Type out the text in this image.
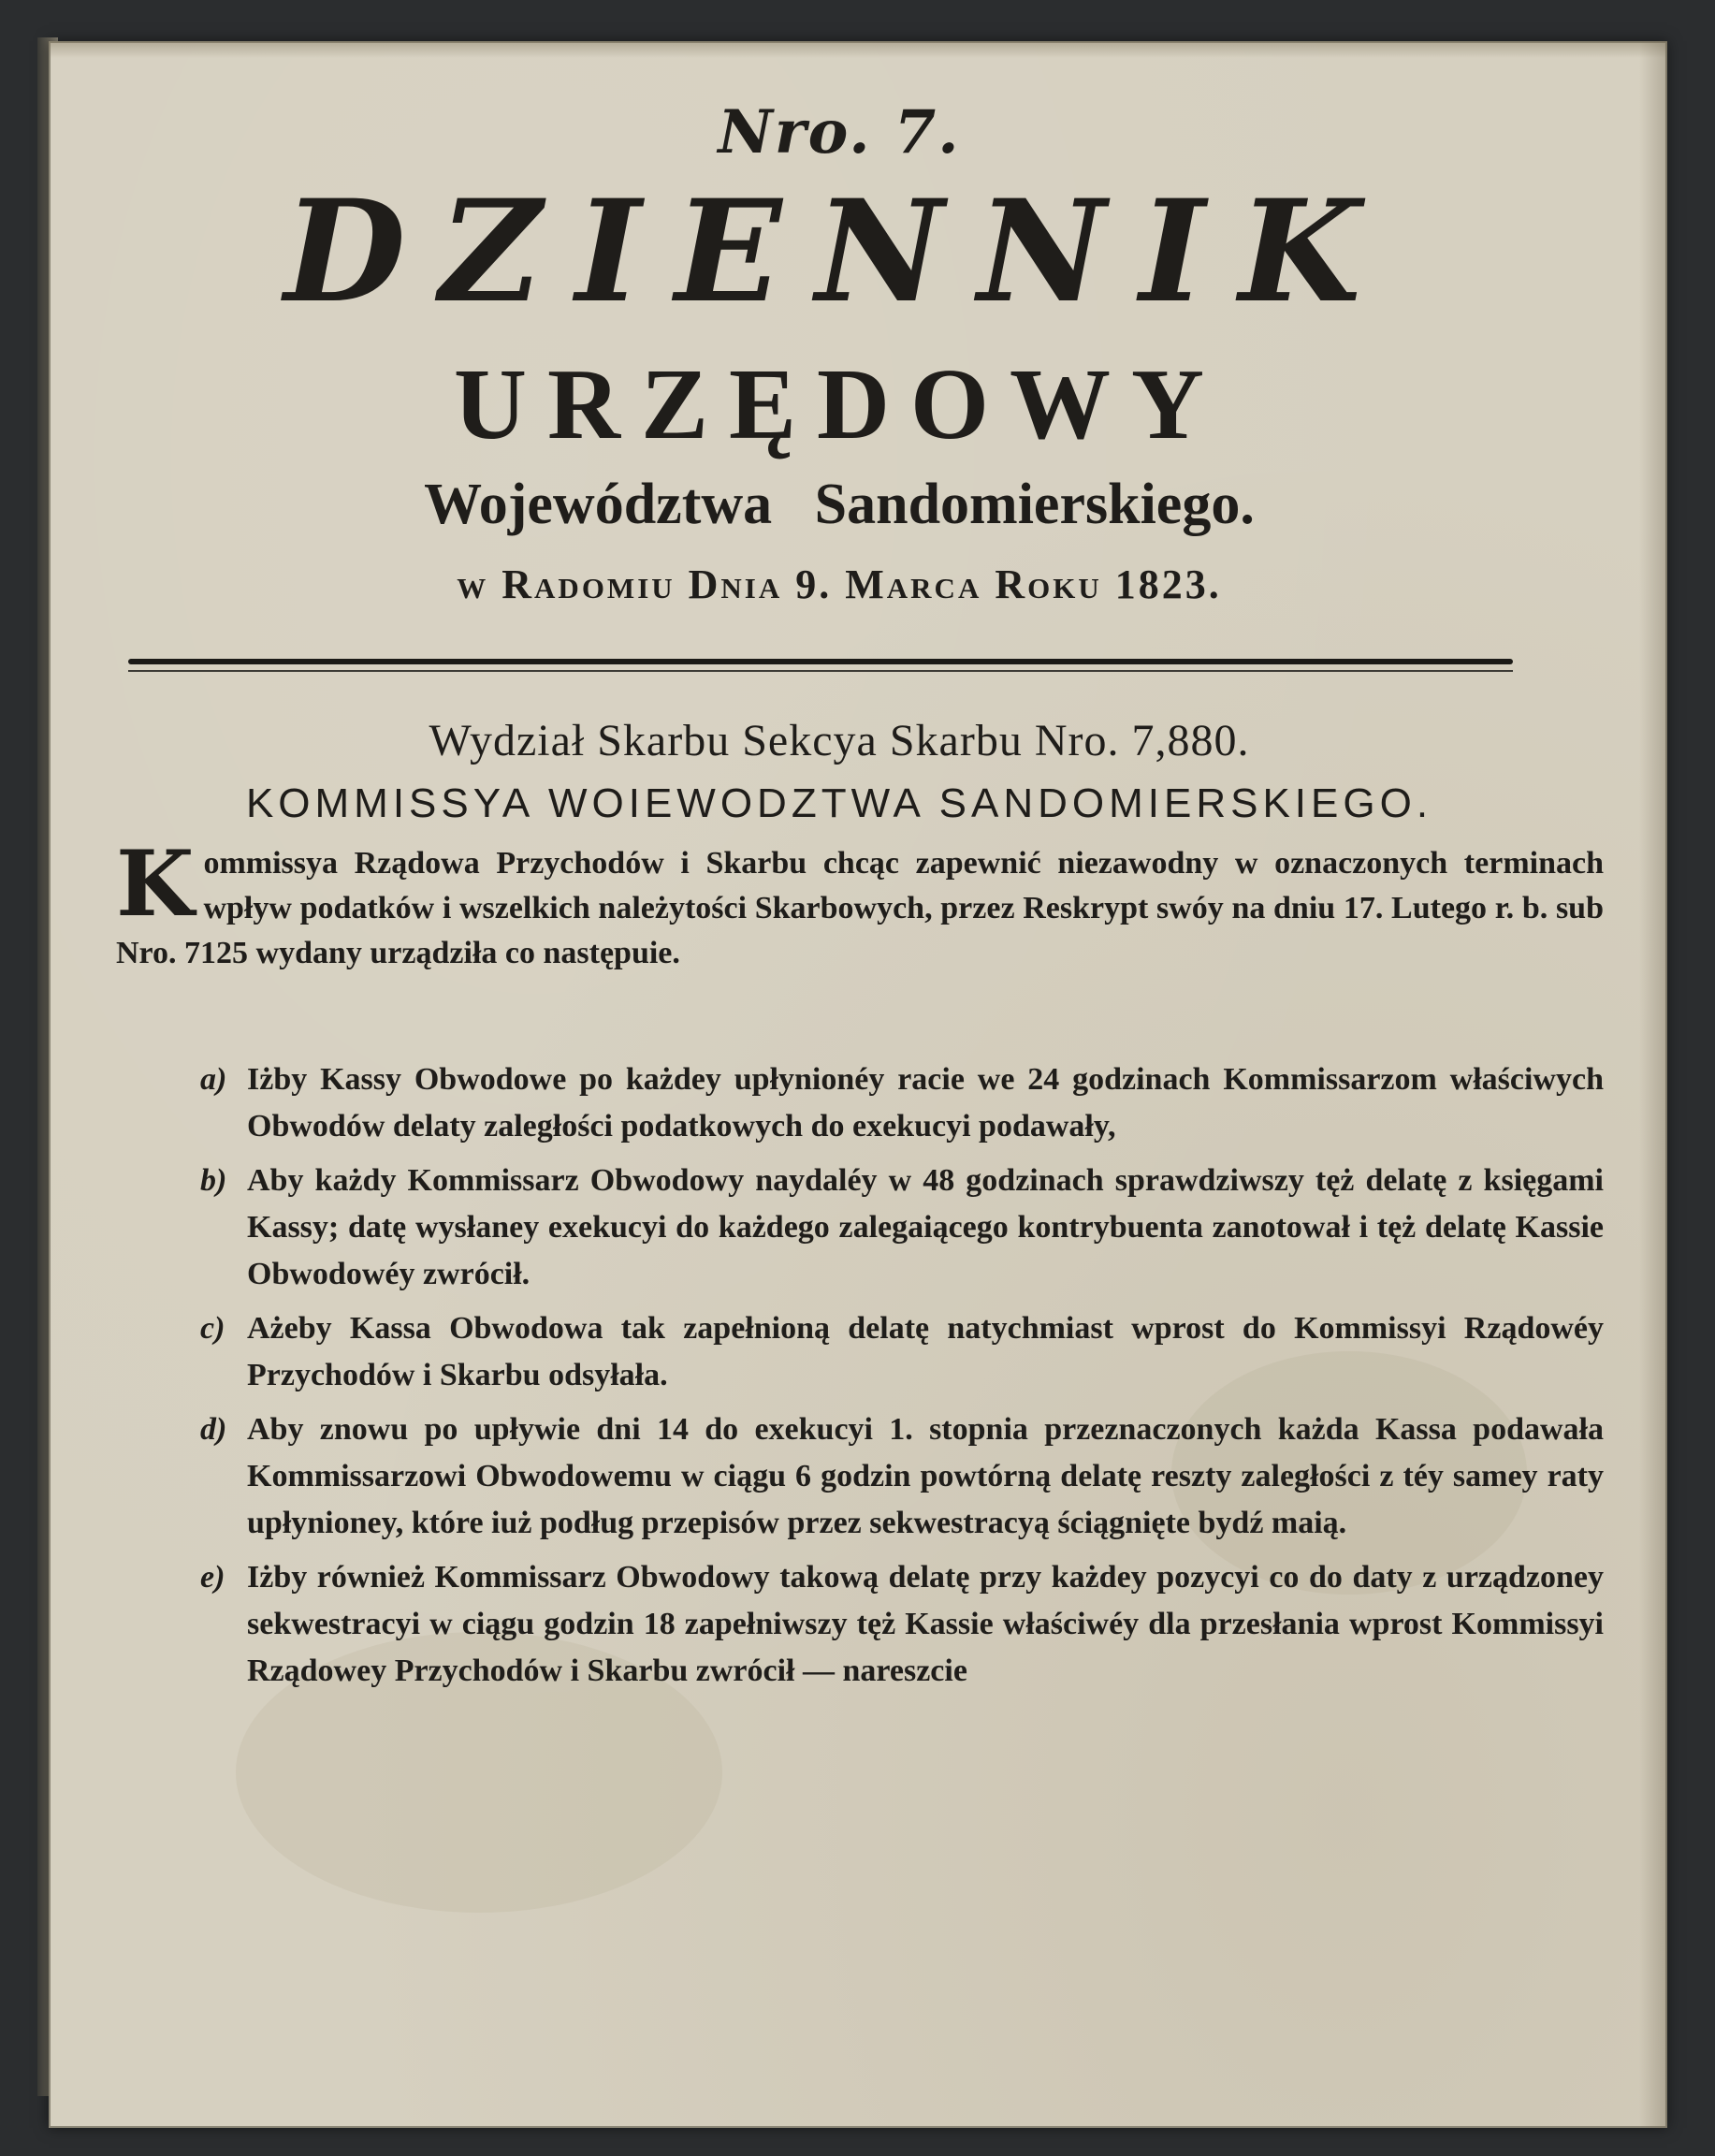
Nro. 7.
DZIENNIK
URZĘDOWY
Województwa Sandomierskiego.
w Radomiu Dnia 9. Marca Roku 1823.
Wydział Skarbu Sekcya Skarbu Nro. 7,880.
KOMMISSYA WOIEWODZTWA SANDOMIERSKIEGO.
K ommissya Rządowa Przychodów i Skarbu chcąc zapewnić niezawodny w oznaczonych terminach wpływ podatków i wszelkich należytości Skarbowych, przez Reskrypt swóy na dniu 17. Lutego r. b. sub Nro. 7125 wydany urządziła co następuie.
a) Iżby Kassy Obwodowe po każdey upłynionéy racie we 24 godzinach Kommissarzom właściwych Obwodów delaty zaległości podatkowych do exekucyi podawały,
b) Aby każdy Kommissarz Obwodowy naydaléy w 48 godzinach sprawdziwszy tęż delatę z księgami Kassy; datę wysłaney exekucyi do każdego zalegaiącego kontrybuenta zanotował i tęż delatę Kassie Obwodowéy zwrócił.
c) Ażeby Kassa Obwodowa tak zapełnioną delatę natychmiast wprost do Kommissyi Rządowéy Przychodów i Skarbu odsyłała.
d) Aby znowu po upływie dni 14 do exekucyi 1. stopnia przeznaczonych każda Kassa podawała Kommissarzowi Obwodowemu w ciągu 6 godzin powtórną delatę reszty zaległości z téy samey raty upłynioney, które iuż podług przepisów przez sekwestracyą ściągnięte bydź maią.
e) Iżby również Kommissarz Obwodowy takową delatę przy każdey pozycyi co do daty z urządzoney sekwestracyi w ciągu godzin 18 zapełniwszy tęż Kassie właściwéy dla przesłania wprost Kommissyi Rządowey Przychodów i Skarbu zwrócił — nareszcie
